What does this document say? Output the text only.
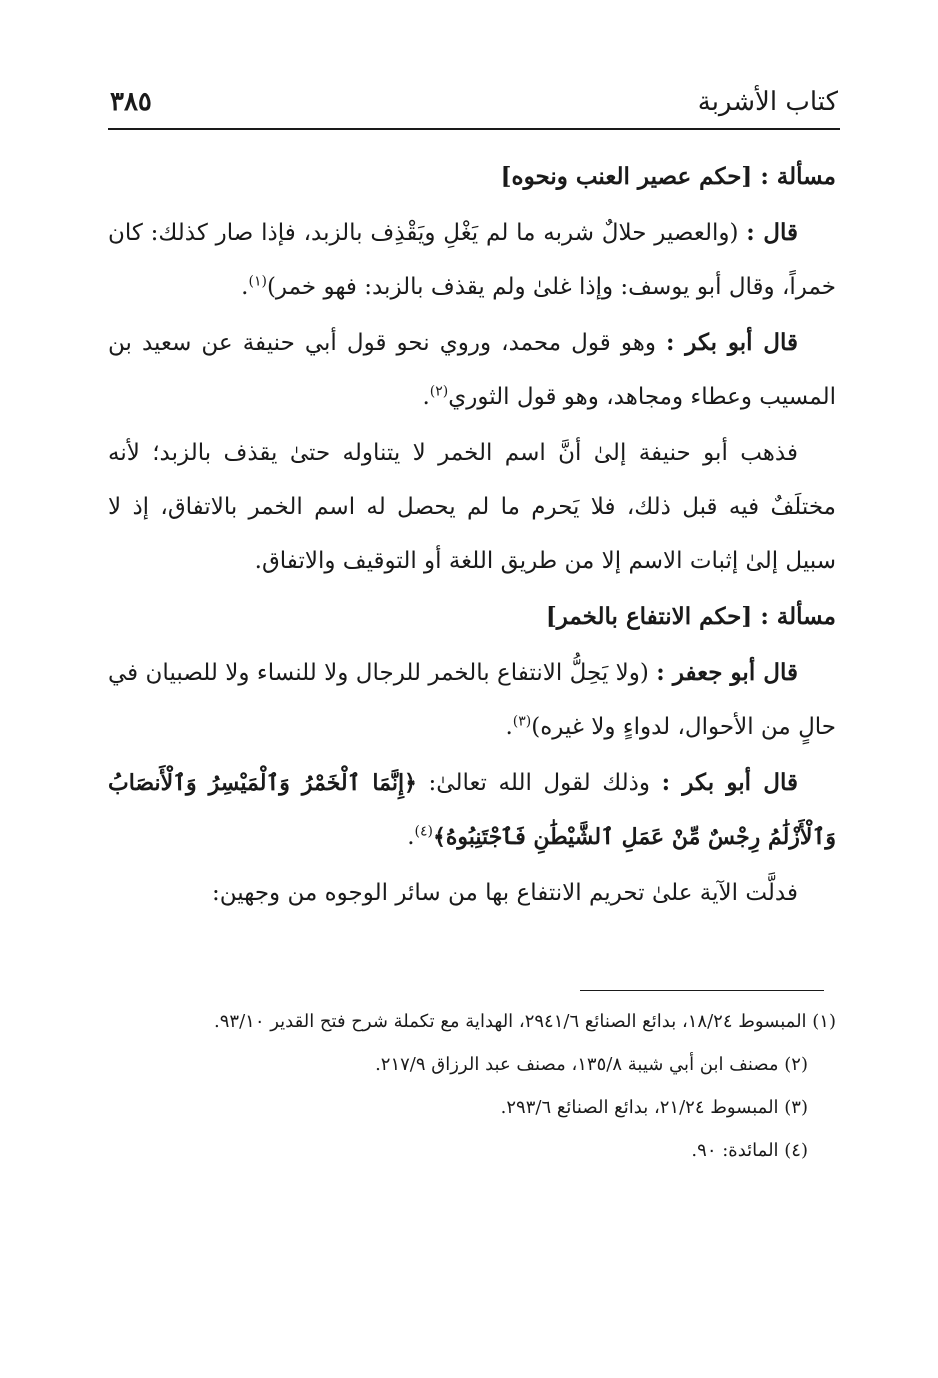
كتاب الأشربة
٣٨٥

مسألة : [حكم عصير العنب ونحوه]

قال : (والعصير حلالٌ شربه ما لم يَغْلِ ويَقْذِف بالزبد، فإذا صار كذلك: كان خمراً، وقال أبو يوسف: وإذا غلىٰ ولم يقذف بالزبد: فهو خمر)$^{(١)}$.

قال أبو بكر : وهو قول محمد، وروي نحو قول أبي حنيفة عن سعيد بن المسيب وعطاء ومجاهد، وهو قول الثوري$^{(٢)}$.

فذهب أبو حنيفة إلىٰ أنَّ اسم الخمر لا يتناوله حتىٰ يقذف بالزبد؛ لأنه مختلَفٌ فيه قبل ذلك، فلا يَحرم ما لم يحصل له اسم الخمر بالاتفاق، إذ لا سبيل إلىٰ إثبات الاسم إلا من طريق اللغة أو التوقيف والاتفاق.

مسألة : [حكم الانتفاع بالخمر]

قال أبو جعفر : (ولا يَحِلُّ الانتفاع بالخمر للرجال ولا للنساء ولا للصبيان في حالٍ من الأحوال، لدواءٍ ولا غيره)$^{(٣)}$.

قال أبو بكر : وذلك لقول الله تعالىٰ: ﴿إِنَّمَا ٱلْخَمْرُ وَٱلْمَيْسِرُ وَٱلْأَنصَابُ وَٱلْأَزْلَٰمُ رِجْسٌ مِّنْ عَمَلِ ٱلشَّيْطَٰنِ فَٱجْتَنِبُوهُ﴾$^{(٤)}$.

فدلَّت الآية علىٰ تحريم الانتفاع بها من سائر الوجوه من وجهين:

(١) المبسوط ١٨/٢٤، بدائع الصنائع ٢٩٤١/٦، الهداية مع تكملة شرح فتح القدير ٩٣/١٠.

(٢) مصنف ابن أبي شيبة ١٣٥/٨، مصنف عبد الرزاق ٢١٧/٩.

(٣) المبسوط ٢١/٢٤، بدائع الصنائع ٢٩٣/٦.

(٤) المائدة: ٩٠.
